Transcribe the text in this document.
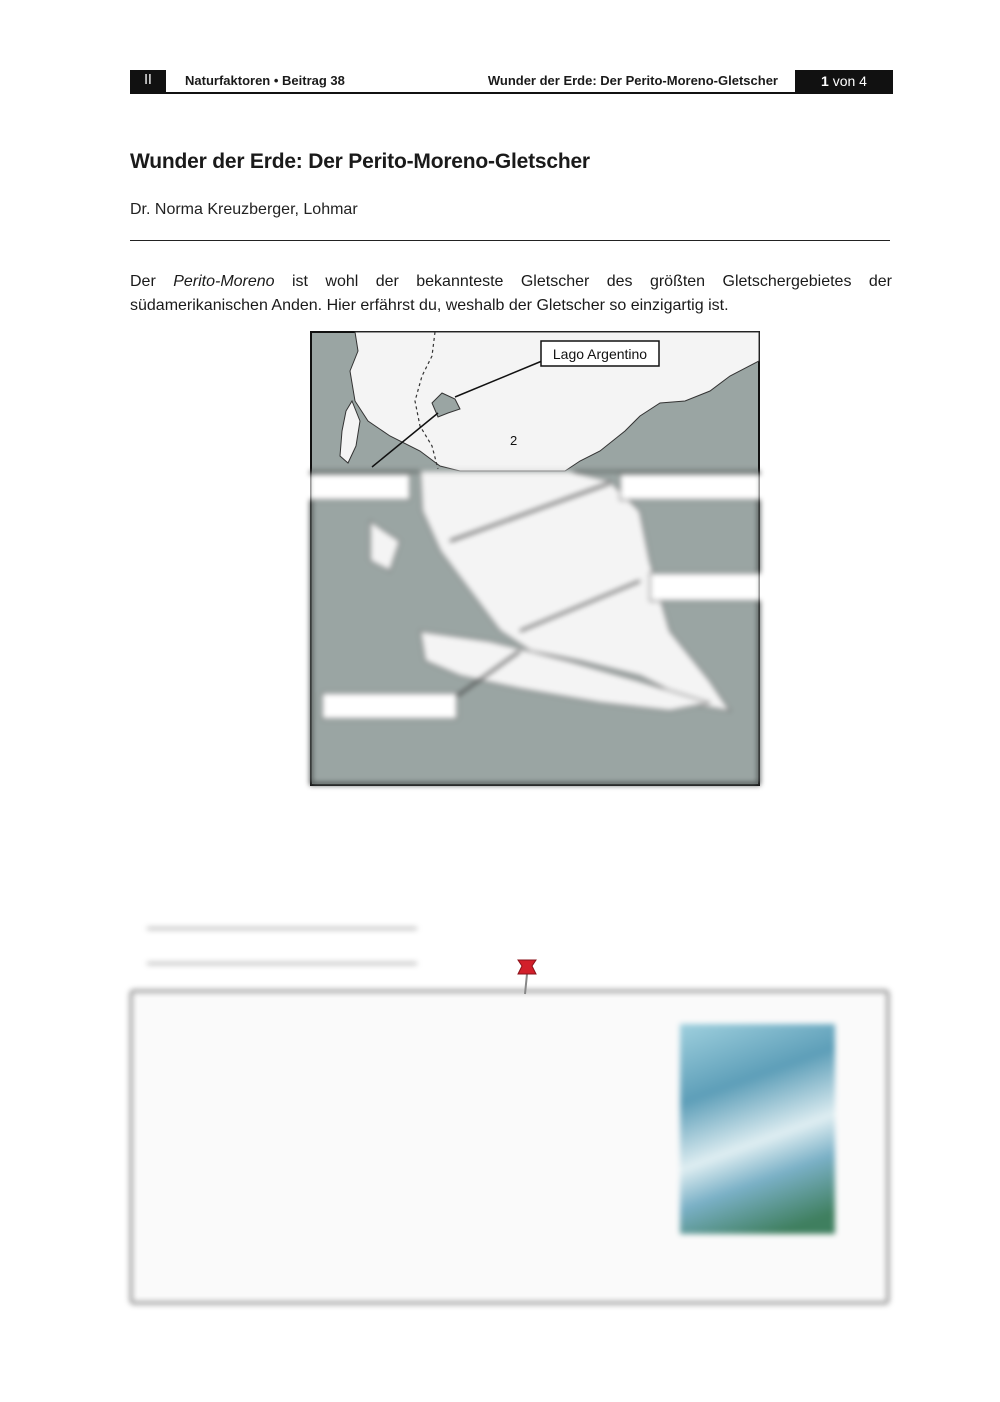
II	Naturfaktoren • Beitrag 38	Wunder der Erde: Der Perito-Moreno-Gletscher	1 von 4
Wunder der Erde: Der Perito-Moreno-Gletscher
Dr. Norma Kreuzberger, Lohmar
Der Perito-Moreno ist wohl der bekannteste Gletscher des größten Gletschergebietes der südamerikanischen Anden. Hier erfährst du, weshalb der Gletscher so einzigartig ist.
2
Lago Argentino
